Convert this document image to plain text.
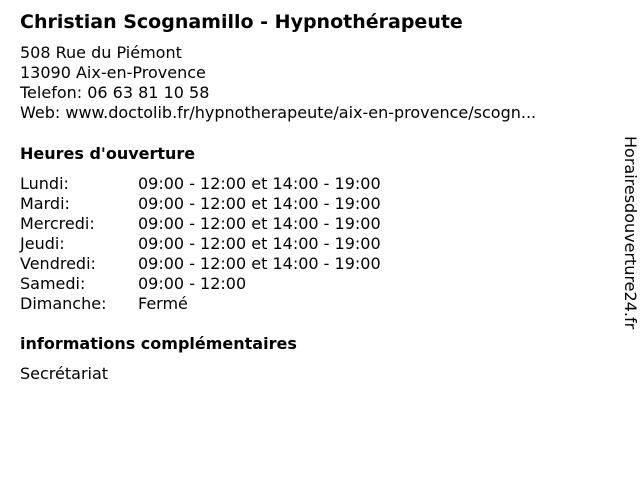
Christian Scognamillo - Hypnothérapeute
508 Rue du Piémont
13090 Aix-en-Provence
Telefon: 06 63 81 10 58
Web: www.doctolib.fr/hypnotherapeute/aix-en-provence/scogn...
Heures d'ouverture
Lundi:	09:00 - 12:00 et 14:00 - 19:00
Mardi:	09:00 - 12:00 et 14:00 - 19:00
Mercredi:	09:00 - 12:00 et 14:00 - 19:00
Jeudi:	09:00 - 12:00 et 14:00 - 19:00
Vendredi:	09:00 - 12:00 et 14:00 - 19:00
Samedi:	09:00 - 12:00
Dimanche:	Fermé
informations complémentaires
Secrétariat
Horairesdouverture24.fr
